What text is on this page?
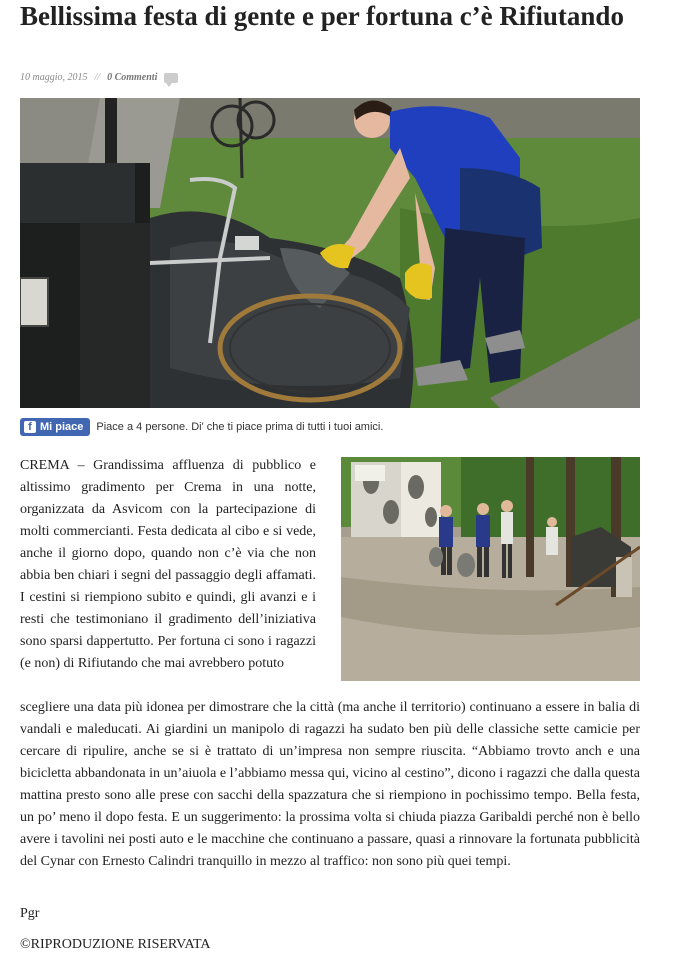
Bellissima festa di gente e per fortuna c’è Rifiutando
10 maggio, 2015 // 0 Commenti
f Mi piace Piace a 4 persone. Di' che ti piace prima di tutti i tuoi amici.

CREMA – Grandissima affluenza di pubblico e altissimo gradimento per Crema in una notte, organizzata da Asvicom con la partecipazione di molti commercianti. Festa dedicata al cibo e si vede, anche il giorno dopo, quando non c’è via che non abbia ben chiari i segni del passaggio degli affamati. I cestini si riempiono subito e quindi, gli avanzi e i resti che testimoniano il gradimento dell’iniziativa sono sparsi dappertutto. Per fortuna ci sono i ragazzi (e non) di Rifiutando che mai avrebbero potuto

scegliere una data più idonea per dimostrare che la città (ma anche il territorio) continuano a essere in balia di vandali e maleducati. Ai giardini un manipolo di ragazzi ha sudato ben più delle classiche sette camicie per cercare di ripulire, anche se si è trattato di un’impresa non sempre riuscita. “Abbiamo trovto anch e una bicicletta abbandonata in un’aiuola e l’abbiamo messa qui, vicino al cestino”, dicono i ragazzi che dalla questa mattina presto sono alle prese con sacchi della spazzatura che si riempiono in pochissimo tempo. Bella festa, un po’ meno il dopo festa. E un suggerimento: la prossima volta si chiuda piazza Garibaldi perché non è bello avere i tavolini nei posti auto e le macchine che continuano a passare, quasi a rinnovare la fortunata pubblicità del Cynar con Ernesto Calindri tranquillo in mezzo al traffico: non sono più quei tempi.

Pgr
©RIPRODUZIONE RISERVATA
